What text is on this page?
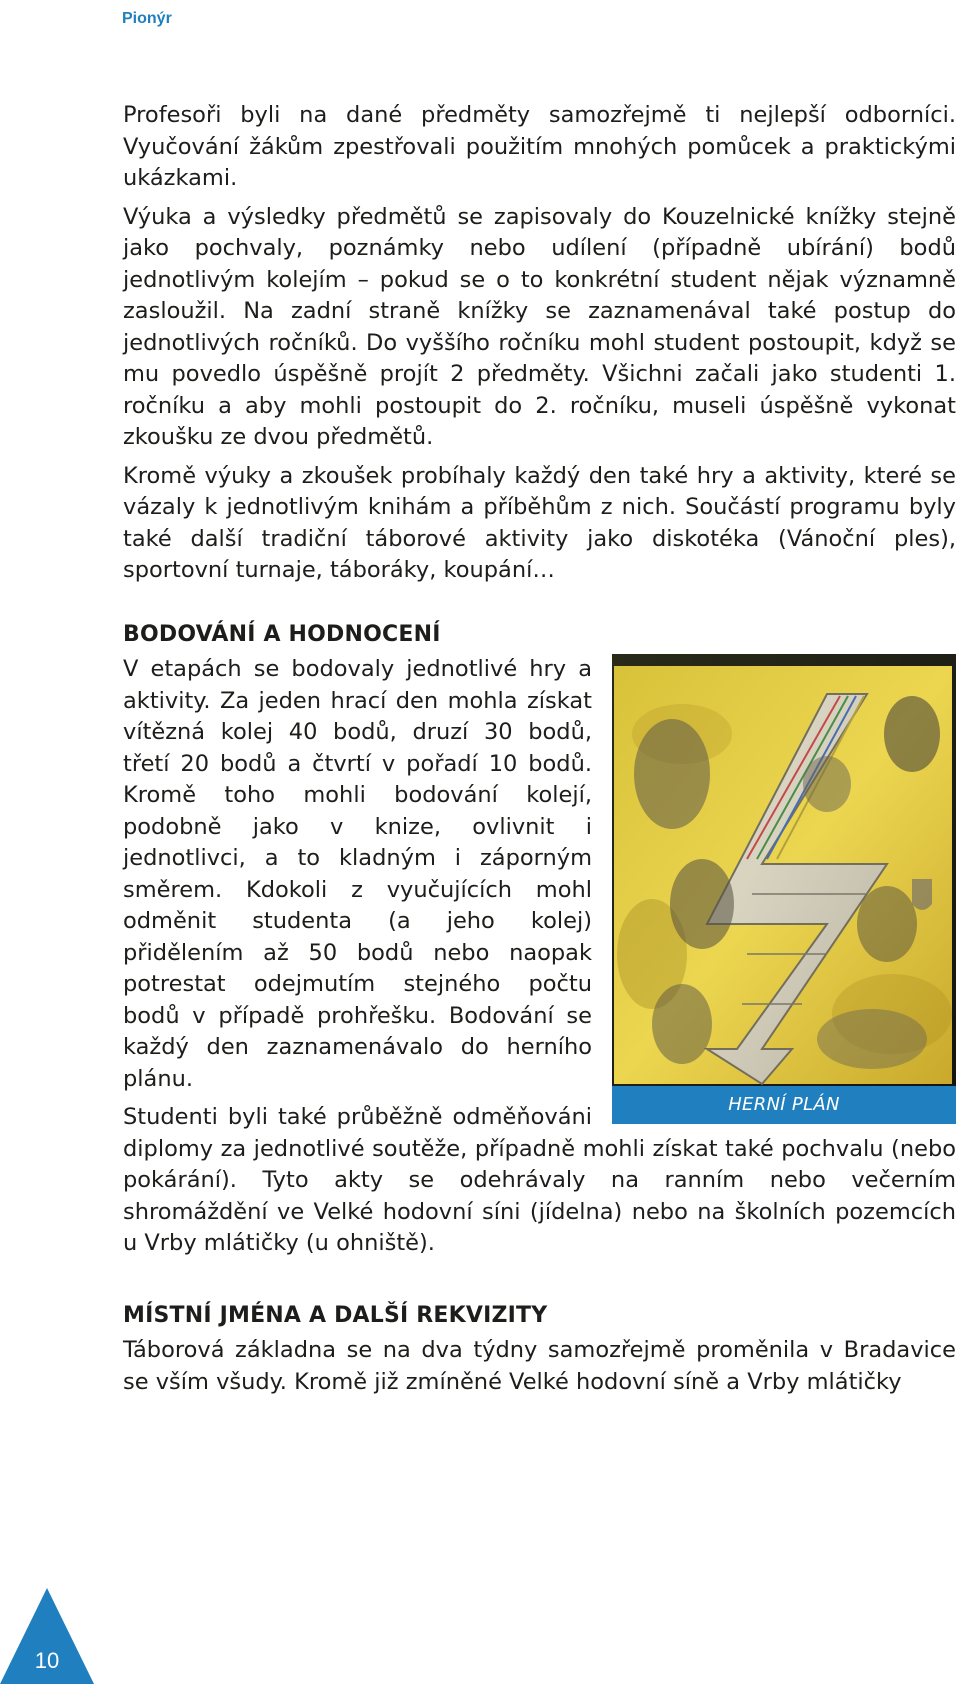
Pionýr

Profesoři byli na dané předměty samozřejmě ti nejlepší odborníci. Vyučování žákům zpestřovali použitím mnohých pomůcek a praktickými ukázkami.

Výuka a výsledky předmětů se zapisovaly do Kouzelnické knížky stejně jako pochvaly, poznámky nebo udílení (případně ubírání) bodů jednotlivým kolejím – pokud se o to konkrétní student nějak významně zasloužil. Na zadní straně knížky se zaznamenával také postup do jednotlivých ročníků. Do vyššího ročníku mohl student postoupit, když se mu povedlo úspěšně projít 2 předměty. Všichni začali jako studenti 1. ročníku a aby mohli postoupit do 2. ročníku, museli úspěšně vykonat zkoušku ze dvou předmětů.

Kromě výuky a zkoušek probíhaly každý den také hry a aktivity, které se vázaly k jednotlivým knihám a příběhům z nich. Součástí programu byly také další tradiční táborové aktivity jako diskotéka (Vánoční ples), sportovní turnaje, táboráky, koupání…

BODOVÁNÍ A HODNOCENÍ
HERNÍ PLÁN

V etapách se bodovaly jednotlivé hry a aktivity. Za jeden hrací den mohla získat vítězná kolej 40 bodů, druzí 30 bodů, třetí 20 bodů a čtvrtí v pořadí 10 bodů. Kromě toho mohli bodování kolejí, podobně jako v knize, ovlivnit i jednotlivci, a to kladným i záporným směrem. Kdokoli z vyučujících mohl odměnit studenta (a jeho kolej) přidělením až 50 bodů nebo naopak potrestat odejmutím stejného počtu bodů v případě prohřešku. Bodování se každý den zaznamenávalo do herního plánu.

Studenti byli také průběžně odměňováni diplomy za jednotlivé soutěže, případně mohli získat také pochvalu (nebo pokárání). Tyto akty se odehrávaly na ranním nebo večerním shromáždění ve Velké hodovní síni (jídelna) nebo na školních pozemcích u Vrby mlátičky (u ohniště).

MÍSTNÍ JMÉNA A DALŠÍ REKVIZITY

Táborová základna se na dva týdny samozřejmě proměnila v Bradavice se vším všudy. Kromě již zmíněné Velké hodovní síně a Vrby mlátičky

10
